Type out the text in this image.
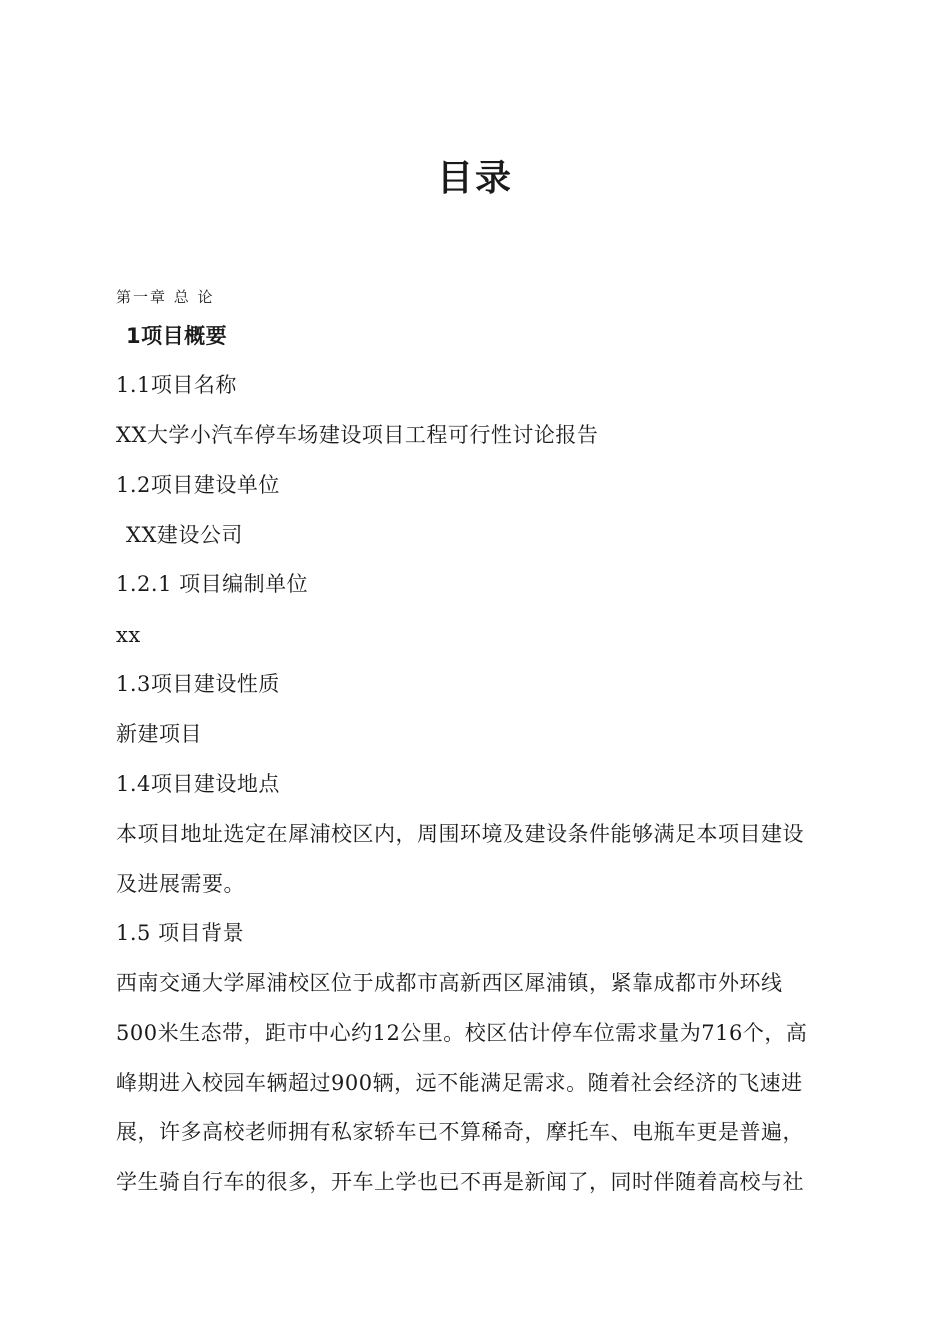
目录
第一章 总 论
1项目概要
1.1项目名称
XX大学小汽车停车场建设项目工程可行性讨论报告
1.2项目建设单位
XX建设公司
1.2.1 项目编制单位
xx
1.3项目建设性质
新建项目
1.4项目建设地点
本项目地址选定在犀浦校区内，周围环境及建设条件能够满足本项目建设
及进展需要。
1.5 项目背景
西南交通大学犀浦校区位于成都市高新西区犀浦镇，紧靠成都市外环线
500米生态带，距市中心约12公里。校区估计停车位需求量为716个，高
峰期进入校园车辆超过900辆，远不能满足需求。随着社会经济的飞速进
展，许多高校老师拥有私家轿车已不算稀奇，摩托车、电瓶车更是普遍，
学生骑自行车的很多，开车上学也已不再是新闻了，同时伴随着高校与社
